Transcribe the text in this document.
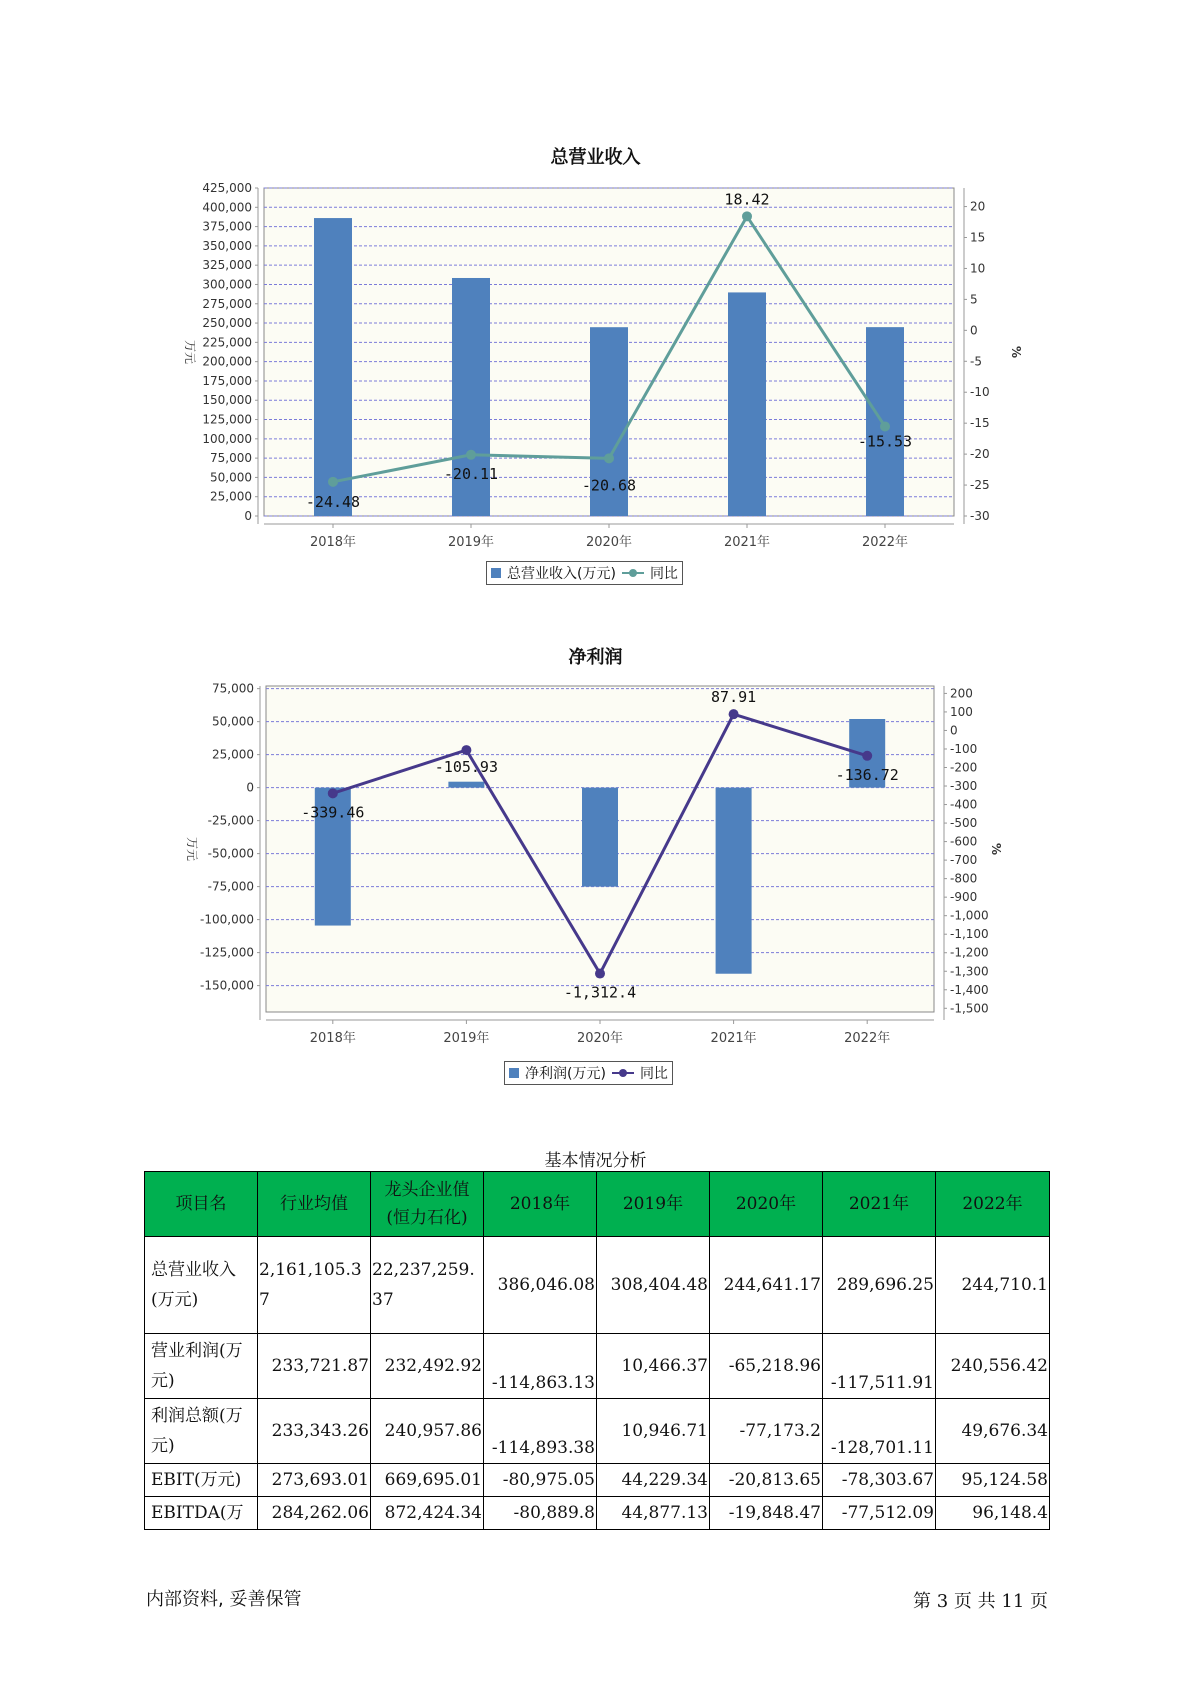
总营业收入
0
25,000
50,000
75,000
100,000
125,000
150,000
175,000
200,000
225,000
250,000
275,000
300,000
325,000
350,000
375,000
400,000
425,000
-30
-25
-20
-15
-10
-5
0
5
10
15
20
万元	%
2018年	2019年	2020年	2021年	2022年
-24.48
-20.11
-20.68
18.42
-15.53
总营业收入(万元) 同比
净利润
-150,000
-125,000
-100,000
-75,000
-50,000
-25,000
0
25,000
50,000
75,000
-1,500
-1,400
-1,300
-1,200
-1,100
-1,000
-900
-800
-700
-600
-500
-400
-300
-200
-100
0
100
200
万元	%
2018年	2019年	2020年	2021年	2022年
-339.46
-105.93
-1,312.4
87.91
-136.72
净利润(万元) 同比
基本情况分析
项目名	行业均值	龙头企业值(恒力石化)	2018年	2019年	2020年	2021年	2022年
总营业收入(万元)	2,161,105.37	22,237,259.37	386,046.08	308,404.48	244,641.17	289,696.25	244,710.1
营业利润(万元)	233,721.87	232,492.92	-114,863.13	10,466.37	-65,218.96	-117,511.91	240,556.42
利润总额(万元)	233,343.26	240,957.86	-114,893.38	10,946.71	-77,173.2	-128,701.11	49,676.34
EBIT(万元)	273,693.01	669,695.01	-80,975.05	44,229.34	-20,813.65	-78,303.67	95,124.58
EBITDA(万	284,262.06	872,424.34	-80,889.8	44,877.13	-19,848.47	-77,512.09	96,148.4
内部资料, 妥善保管	第 3 页 共 11 页
